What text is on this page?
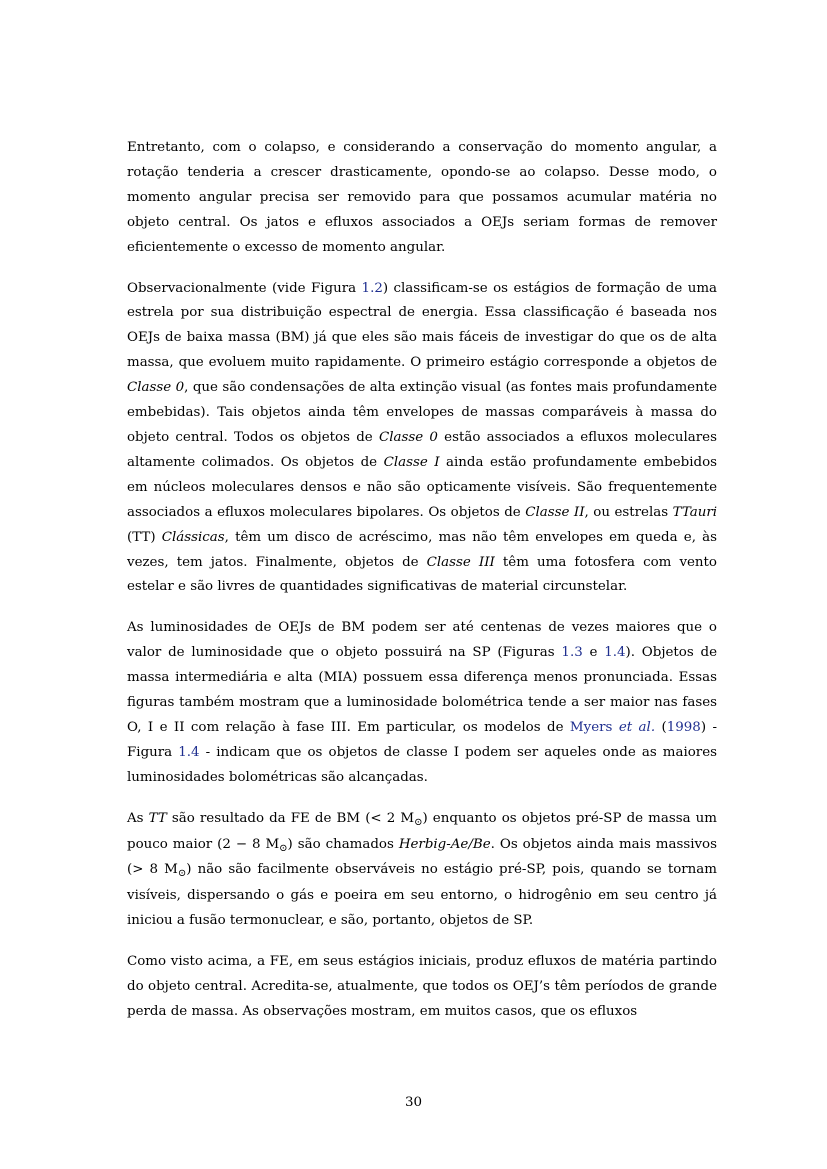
Entretanto, com o colapso, e considerando a conservação do momento angular, a rotação tenderia a crescer drasticamente, opondo-se ao colapso. Desse modo, o momento angular precisa ser removido para que possamos acumular matéria no objeto central. Os jatos e efluxos associados a OEJs seriam formas de remover eficientemente o excesso de momento angular.

Observacionalmente (vide Figura 1.2) classificam-se os estágios de formação de uma estrela por sua distribuição espectral de energia. Essa classificação é baseada nos OEJs de baixa massa (BM) já que eles são mais fáceis de investigar do que os de alta massa, que evoluem muito rapidamente. O primeiro estágio corresponde a objetos de Classe 0, que são condensações de alta extinção visual (as fontes mais profundamente embebidas). Tais objetos ainda têm envelopes de massas comparáveis à massa do objeto central. Todos os objetos de Classe 0 estão associados a efluxos moleculares altamente colimados. Os objetos de Classe I ainda estão profundamente embebidos em núcleos moleculares densos e não são opticamente visíveis. São frequentemente associados a efluxos moleculares bipolares. Os objetos de Classe II, ou estrelas TTauri (TT) Clássicas, têm um disco de acréscimo, mas não têm envelopes em queda e, às vezes, tem jatos. Finalmente, objetos de Classe III têm uma fotosfera com vento estelar e são livres de quantidades significativas de material circunstelar.

As luminosidades de OEJs de BM podem ser até centenas de vezes maiores que o valor de luminosidade que o objeto possuirá na SP (Figuras 1.3 e 1.4). Objetos de massa intermediária e alta (MIA) possuem essa diferença menos pronunciada. Essas figuras também mostram que a luminosidade bolométrica tende a ser maior nas fases O, I e II com relação à fase III. Em particular, os modelos de Myers et al. (1998) - Figura 1.4 - indicam que os objetos de classe I podem ser aqueles onde as maiores luminosidades bolométricas são alcançadas.

As TT são resultado da FE de BM (< 2 $M_⊙$) enquanto os objetos pré-SP de massa um pouco maior (2 − 8 $M_⊙$) são chamados Herbig-Ae/Be. Os objetos ainda mais massivos (> 8 $M_⊙$) não são facilmente observáveis no estágio pré-SP, pois, quando se tornam visíveis, dispersando o gás e poeira em seu entorno, o hidrogênio em seu centro já iniciou a fusão termonuclear, e são, portanto, objetos de SP.

Como visto acima, a FE, em seus estágios iniciais, produz efluxos de matéria partindo do objeto central. Acredita-se, atualmente, que todos os OEJ’s têm períodos de grande perda de massa. As observações mostram, em muitos casos, que os efluxos

30
